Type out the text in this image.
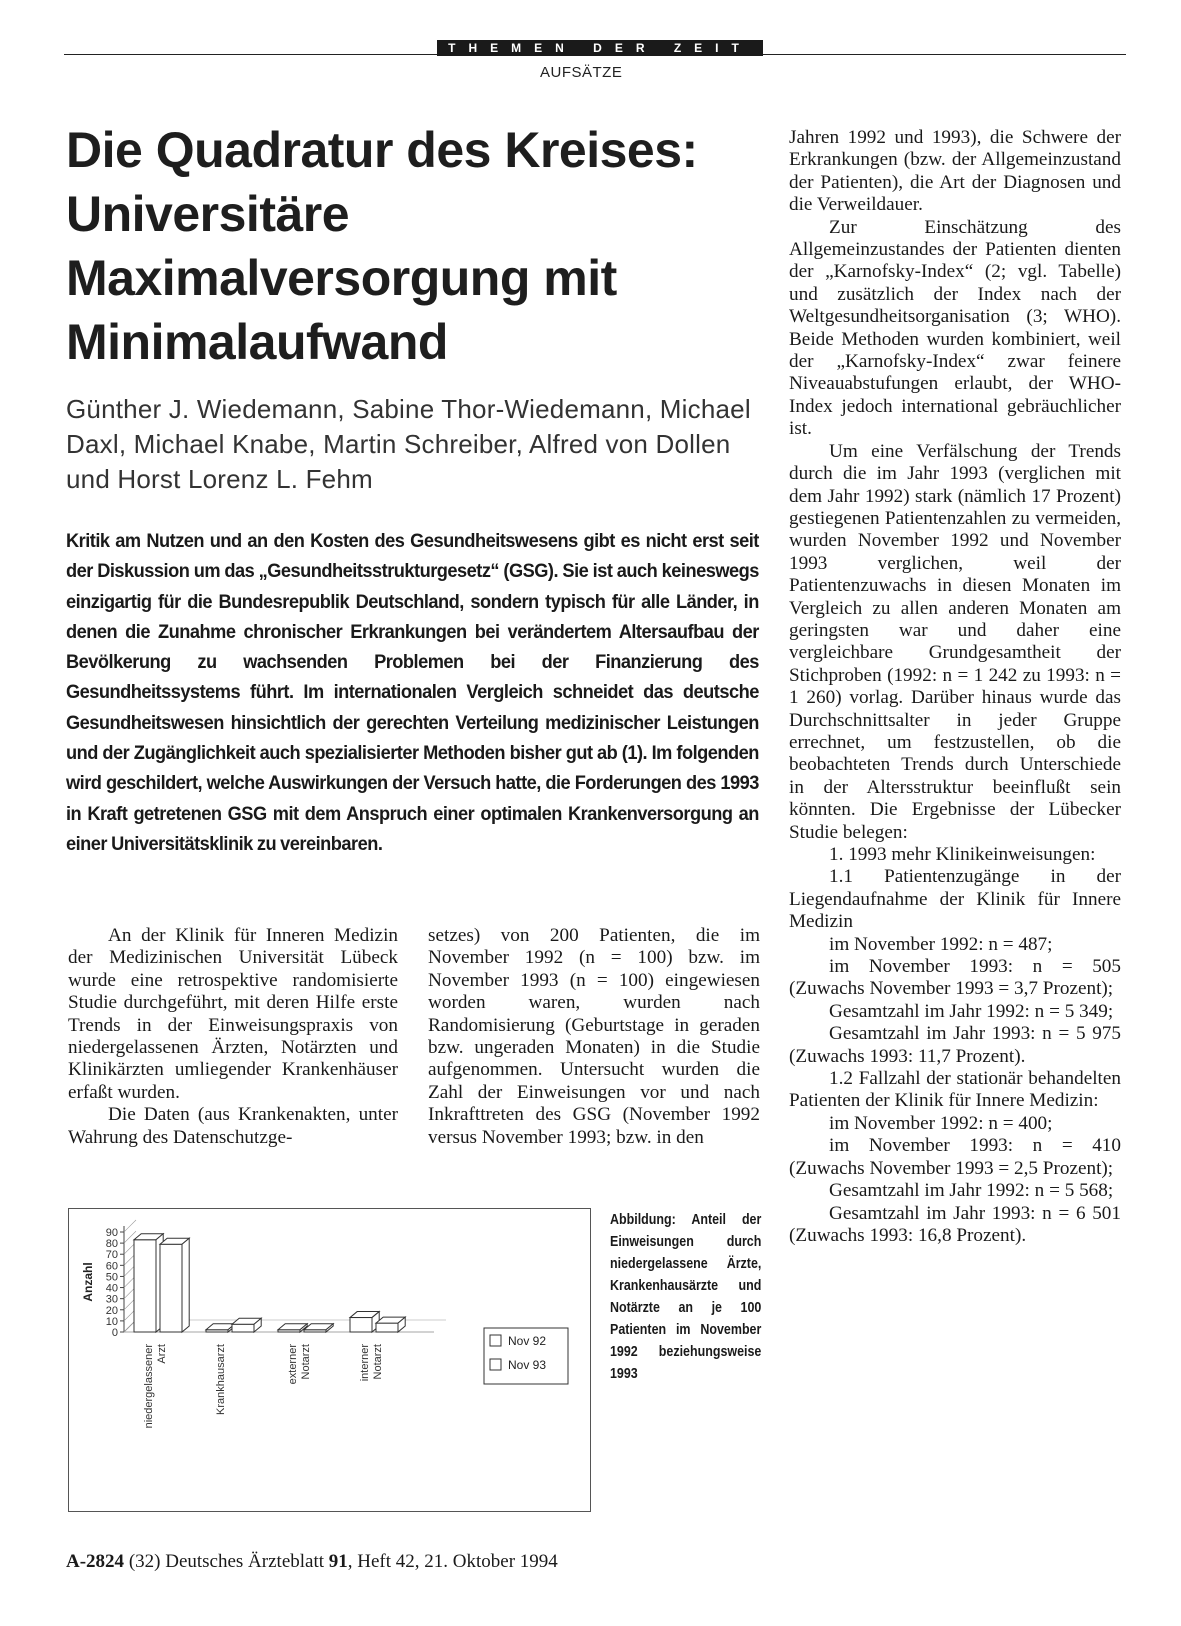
THEMEN DER ZEIT
AUFSÄTZE
Die Quadratur des Kreises: Universitäre Maximalversorgung mit Minimalaufwand
Günther J. Wiedemann, Sabine Thor-Wiedemann, Michael Daxl, Michael Knabe, Martin Schreiber, Alfred von Dollen und Horst Lorenz L. Fehm
Kritik am Nutzen und an den Kosten des Gesundheitswesens gibt es nicht erst seit der Diskussion um das „Gesundheitsstrukturgesetz“ (GSG). Sie ist auch keineswegs einzigartig für die Bundesrepublik Deutschland, sondern typisch für alle Länder, in denen die Zunahme chronischer Erkrankungen bei verändertem Altersaufbau der Bevölkerung zu wachsenden Problemen bei der Finanzierung des Gesundheitssystems führt. Im internationalen Vergleich schneidet das deutsche Gesundheitswesen hinsichtlich der gerechten Verteilung medizinischer Leistungen und der Zugänglichkeit auch spezialisierter Methoden bisher gut ab (1). Im folgenden wird geschildert, welche Auswirkungen der Versuch hatte, die Forderungen des 1993 in Kraft getretenen GSG mit dem Anspruch einer optimalen Krankenversorgung an einer Universitätsklinik zu vereinbaren.

An der Klinik für Inneren Medizin der Medizinischen Universität Lübeck wurde eine retrospektive randomisierte Studie durchgeführt, mit deren Hilfe erste Trends in der Einweisungspraxis von niedergelassenen Ärzten, Notärzten und Klinikärzten umliegender Krankenhäuser erfaßt wurden.

Die Daten (aus Krankenakten, unter Wahrung des Datenschutzge-

setzes) von 200 Patienten, die im November 1992 (n = 100) bzw. im November 1993 (n = 100) eingewiesen worden waren, wurden nach Randomisierung (Geburtstage in geraden bzw. ungeraden Monaten) in die Studie aufgenommen. Untersucht wurden die Zahl der Einweisungen vor und nach Inkrafttreten des GSG (November 1992 versus November 1993; bzw. in den

Jahren 1992 und 1993), die Schwere der Erkrankungen (bzw. der Allgemeinzustand der Patienten), die Art der Diagnosen und die Verweildauer.

Zur Einschätzung des Allgemeinzustandes der Patienten dienten der „Karnofsky-Index“ (2; vgl. Tabelle) und zusätzlich der Index nach der Weltgesundheitsorganisation (3; WHO). Beide Methoden wurden kombiniert, weil der „Karnofsky-Index“ zwar feinere Niveauabstufungen erlaubt, der WHO-Index jedoch international gebräuchlicher ist.

Um eine Verfälschung der Trends durch die im Jahr 1993 (verglichen mit dem Jahr 1992) stark (nämlich 17 Prozent) gestiegenen Patientenzahlen zu vermeiden, wurden November 1992 und November 1993 verglichen, weil der Patientenzuwachs in diesen Monaten im Vergleich zu allen anderen Monaten am geringsten war und daher eine vergleichbare Grundgesamtheit der Stichproben (1992: n = 1 242 zu 1993: n = 1 260) vorlag. Darüber hinaus wurde das Durchschnittsalter in jeder Gruppe errechnet, um festzustellen, ob die beobachteten Trends durch Unterschiede in der Altersstruktur beeinflußt sein könnten. Die Ergebnisse der Lübecker Studie belegen:

1. 1993 mehr Klinikeinweisungen:

1.1 Patientenzugänge in der Liegendaufnahme der Klinik für Innere Medizin

im November 1992: n = 487;

im November 1993: n = 505 (Zuwachs November 1993 = 3,7 Prozent);

Gesamtzahl im Jahr 1992: n = 5 349;

Gesamtzahl im Jahr 1993: n = 5 975 (Zuwachs 1993: 11,7 Prozent).

1.2 Fallzahl der stationär behandelten Patienten der Klinik für Innere Medizin:

im November 1992: n = 400;

im November 1993: n = 410 (Zuwachs November 1993 = 2,5 Prozent);

Gesamtzahl im Jahr 1992: n = 5 568;

Gesamtzahl im Jahr 1993: n = 6 501 (Zuwachs 1993: 16,8 Prozent).

0
10
20
30
40
50
60
70
80
90
Anzahl
niedergelassener Arzt	Krankhausarzt	externer Notarzt	interner Notarzt
Nov 92
Nov 93
Abbildung: Anteil der Einweisungen durch niedergelassene Ärzte, Krankenhausärzte und Notärzte an je 100 Patienten im November 1992 beziehungsweise 1993
A-2824 (32) Deutsches Ärzteblatt 91, Heft 42, 21. Oktober 1994
